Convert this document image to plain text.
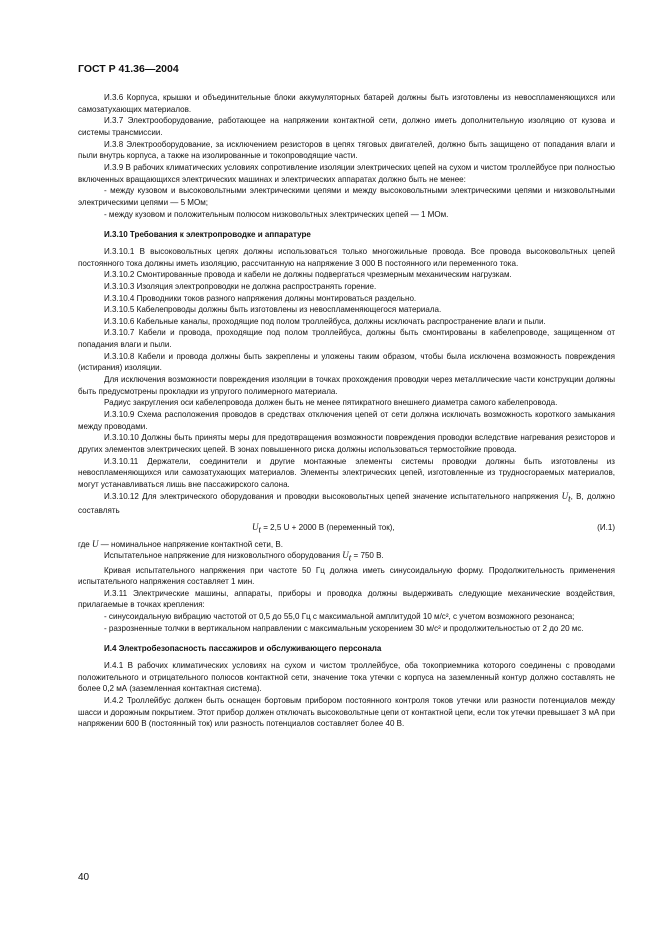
ГОСТ Р 41.36—2004

И.3.6 Корпуса, крышки и объединительные блоки аккумуляторных батарей должны быть изготовлены из невоспламеняющихся или самозатухающих материалов.

И.3.7 Электрооборудование, работающее на напряжении контактной сети, должно иметь дополнительную изоляцию от кузова и системы трансмиссии.

И.3.8 Электрооборудование, за исключением резисторов в цепях тяговых двигателей, должно быть защищено от попадания влаги и пыли внутрь корпуса, а также на изолированные и токопроводящие части.

И.3.9 В рабочих климатических условиях сопротивление изоляции электрических цепей на сухом и чистом троллейбусе при полностью включенных вращающихся электрических машинах и электрических аппаратах должно быть не менее:

- между кузовом и высоковольтными электрическими цепями и между высоковольтными электрическими цепями и низковольтными электрическими цепями — 5 МОм;

- между кузовом и положительным полюсом низковольтных электрических цепей — 1 МОм.

И.3.10 Требования к электропроводке и аппаратуре

И.3.10.1 В высоковольтных цепях должны использоваться только многожильные провода. Все провода высоковольтных цепей постоянного тока должны иметь изоляцию, рассчитанную на напряжение 3 000 В постоянного или переменного тока.

И.3.10.2 Смонтированные провода и кабели не должны подвергаться чрезмерным механическим нагрузкам.

И.3.10.3 Изоляция электропроводки не должна распространять горение.

И.3.10.4 Проводники токов разного напряжения должны монтироваться раздельно.

И.3.10.5 Кабелепроводы должны быть изготовлены из невоспламеняющегося материала.

И.3.10.6 Кабельные каналы, проходящие под полом троллейбуса, должны исключать распространение влаги и пыли.

И.3.10.7 Кабели и провода, проходящие под полом троллейбуса, должны быть смонтированы в кабелепроводе, защищенном от попадания влаги и пыли.

И.3.10.8 Кабели и провода должны быть закреплены и уложены таким образом, чтобы была исключена возможность повреждения (истирания) изоляции.

Для исключения возможности повреждения изоляции в точках прохождения проводки через металлические части конструкции должны быть предусмотрены прокладки из упругого полимерного материала.

Радиус закругления оси кабелепровода должен быть не менее пятикратного внешнего диаметра самого кабелепровода.

И.3.10.9 Схема расположения проводов в средствах отключения цепей от сети должна исключать возможность короткого замыкания между проводами.

И.3.10.10 Должны быть приняты меры для предотвращения возможности повреждения проводки вследствие нагревания резисторов и других элементов электрических цепей. В зонах повышенного риска должны использоваться термостойкие провода.

И.3.10.11 Держатели, соединители и другие монтажные элементы системы проводки должны быть изготовлены из невоспламеняющихся или самозатухающих материалов. Элементы электрических цепей, изготовленные из трудносгораемых материалов, могут устанавливаться лишь вне пассажирского салона.

И.3.10.12 Для электрического оборудования и проводки высоковольтных цепей значение испытательного напряжения $U_t$, В, должно составлять

$U_t = 2,5$ U + 2000 В (переменный ток),	(И.1)

где U — номинальное напряжение контактной сети, В.

Испытательное напряжение для низковольтного оборудования $U_t = 750$ В.

Кривая испытательного напряжения при частоте 50 Гц должна иметь синусоидальную форму. Продолжительность применения испытательного напряжения составляет 1 мин.

И.3.11 Электрические машины, аппараты, приборы и проводка должны выдерживать следующие механические воздействия, прилагаемые в точках крепления:

- синусоидальную вибрацию частотой от 0,5 до 55,0 Гц с максимальной амплитудой 10 м/с², с учетом возможного резонанса;

- разрозненные толчки в вертикальном направлении с максимальным ускорением 30 м/с² и продолжительностью от 2 до 20 мс.

И.4 Электробезопасность пассажиров и обслуживающего персонала

И.4.1 В рабочих климатических условиях на сухом и чистом троллейбусе, оба токоприемника которого соединены с проводами положительного и отрицательного полюсов контактной сети, значение тока утечки с корпуса на заземленный контур должно составлять не более 0,2 мА (заземленная контактная система).

И.4.2 Троллейбус должен быть оснащен бортовым прибором постоянного контроля токов утечки или разности потенциалов между шасси и дорожным покрытием. Этот прибор должен отключать высоковольтные цепи от контактной цепи, если ток утечки превышает 3 мА при напряжении 600 В (постоянный ток) или разность потенциалов составляет более 40 В.

40
